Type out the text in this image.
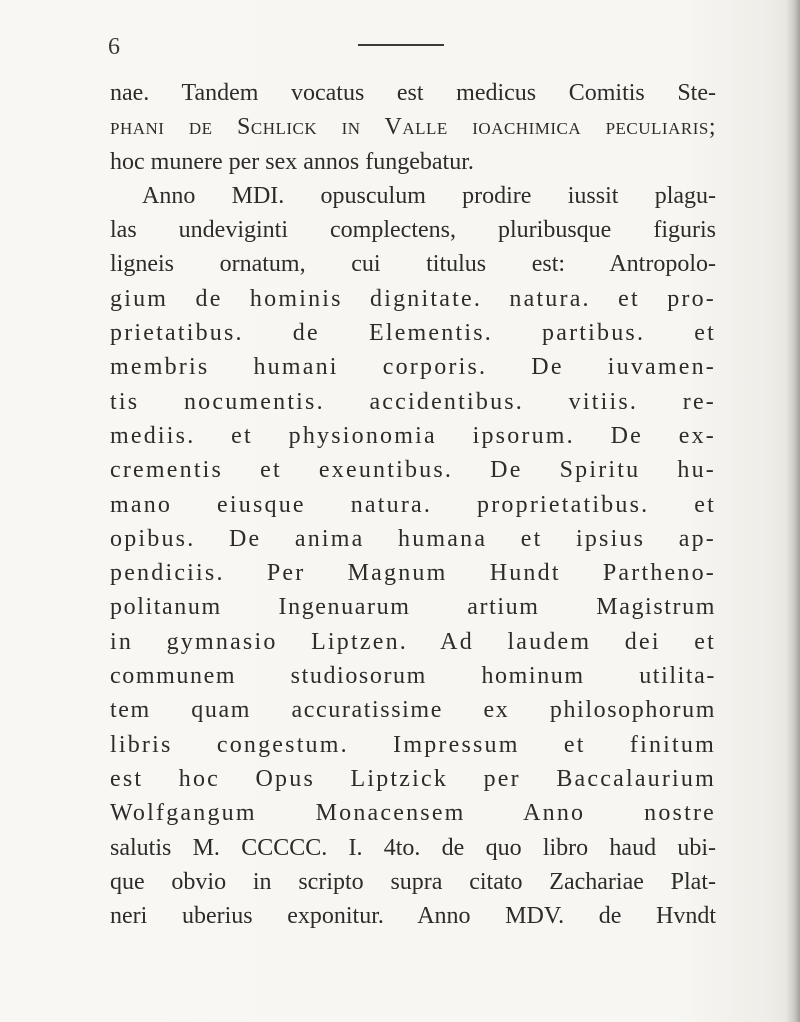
6
nae. Tandem vocatus est medicus Comitis Ste-
phani de Schlick in Valle ioachimica peculiaris;
hoc munere per sex annos fungebatur.
Anno MDI. opusculum prodire iussit plagu-
las undeviginti complectens, pluribusque figuris
ligneis ornatum, cui titulus est: Antropolo-
gium de hominis dignitate. natura. et pro-
prietatibus. de Elementis. partibus. et
membris humani corporis. De iuvamen-
tis nocumentis. accidentibus. vitiis. re-
mediis. et physionomia ipsorum. De ex-
crementis et exeuntibus. De Spiritu hu-
mano eiusque natura. proprietatibus. et
opibus. De anima humana et ipsius ap-
pendiciis. Per Magnum Hundt Partheno-
politanum Ingenuarum artium Magistrum
in gymnasio Liptzen. Ad laudem dei et
communem studiosorum hominum utilita-
tem quam accuratissime ex philosophorum
libris congestum. Impressum et finitum
est hoc Opus Liptzick per Baccalaurium
Wolfgangum Monacensem Anno nostre
salutis M. CCCCC. I. 4to. de quo libro haud ubi-
que obvio in scripto supra citato Zachariae Plat-
neri uberius exponitur. Anno MDV. de Hvndt
